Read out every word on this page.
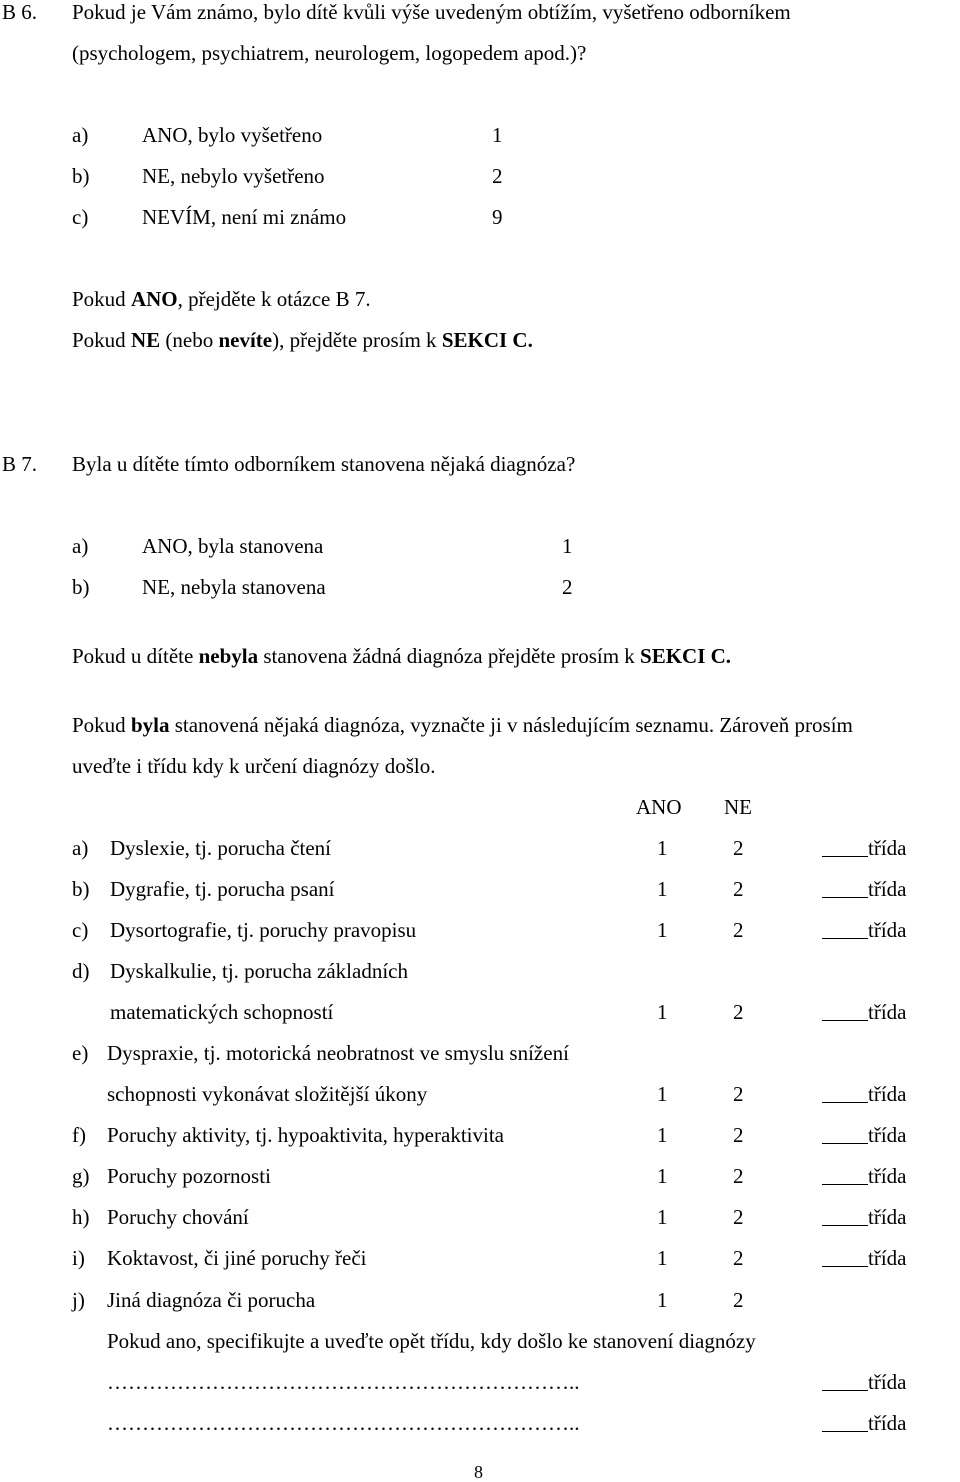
B 6. Pokud je Vám známo, bylo dítě kvůli výše uvedeným obtížím, vyšetřeno odborníkem
(psychologem, psychiatrem, neurologem, logopedem apod.)?
a)	ANO, bylo vyšetřeno	1
b)	NE, nebylo vyšetřeno	2
c)	NEVÍM, není mi známo	9
Pokud ANO, přejděte k otázce B 7.
Pokud NE (nebo nevíte), přejděte prosím k SEKCI C.
B 7. Byla u dítěte tímto odborníkem stanovena nějaká diagnóza?
a)	ANO, byla stanovena	1
b)	NE, nebyla stanovena	2
Pokud u dítěte nebyla stanovena žádná diagnóza přejděte prosím k SEKCI C.
Pokud byla stanovená nějaká diagnóza, vyznačte ji v následujícím seznamu. Zároveň prosím
uveďte i třídu kdy k určení diagnózy došlo.
ANO NE
a) Dyslexie, tj. porucha čtení	1	2	třída
b) Dygrafie, tj. porucha psaní	1	2	třída
c) Dysortografie, tj. poruchy pravopisu	1	2	třída
d) Dyskalkulie, tj. porucha základních
matematických schopností	1	2	třída
e) Dyspraxie, tj. motorická neobratnost ve smyslu snížení
schopnosti vykonávat složitější úkony	1	2	třída
f) Poruchy aktivity, tj. hypoaktivita, hyperaktivita	1	2	třída
g) Poruchy pozornosti	1	2	třída
h) Poruchy chování	1	2	třída
i) Koktavost, či jiné poruchy řeči	1	2	třída
j) Jiná diagnóza či porucha	1	2
Pokud ano, specifikujte a uveďte opět třídu, kdy došlo ke stanovení diagnózy
…………………………………………………………..	třída
…………………………………………………………..	třída
8
